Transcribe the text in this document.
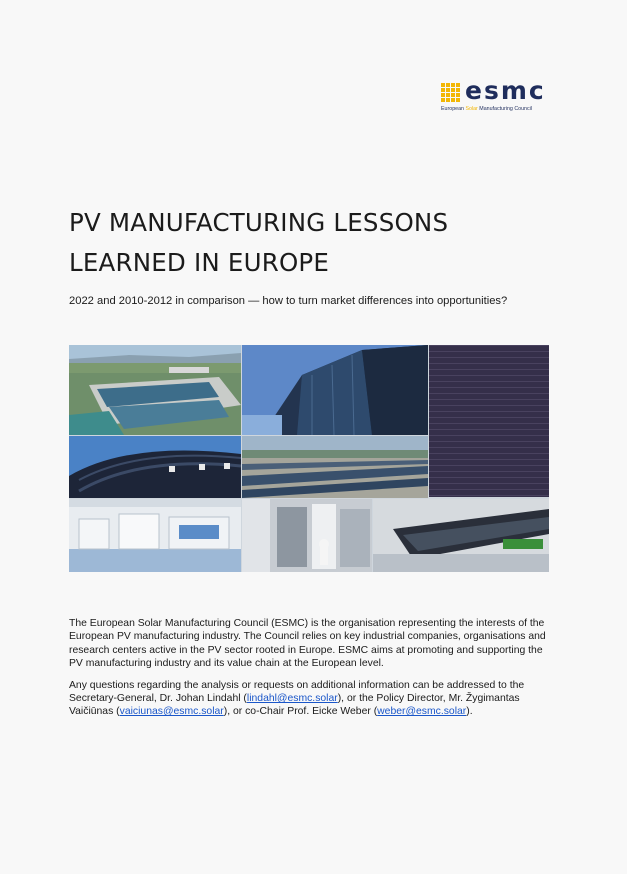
esmc
European Solar Manufacturing Council
PV MANUFACTURING LESSONS LEARNED IN EUROPE

2022 and 2010-2012 in comparison — how to turn market differences into opportunities?

The European Solar Manufacturing Council (ESMC) is the organisation representing the interests of the European PV manufacturing industry. The Council relies on key industrial companies, organisations and research centers active in the PV sector rooted in Europe. ESMC aims at promoting and supporting the PV manufacturing industry and its value chain at the European level.

Any questions regarding the analysis or requests on additional information can be addressed to the Secretary-General, Dr. Johan Lindahl (lindahl@esmc.solar), or the Policy Director, Mr. Žygimantas Vaičiūnas (vaiciunas@esmc.solar), or co-Chair Prof. Eicke Weber (weber@esmc.solar).
